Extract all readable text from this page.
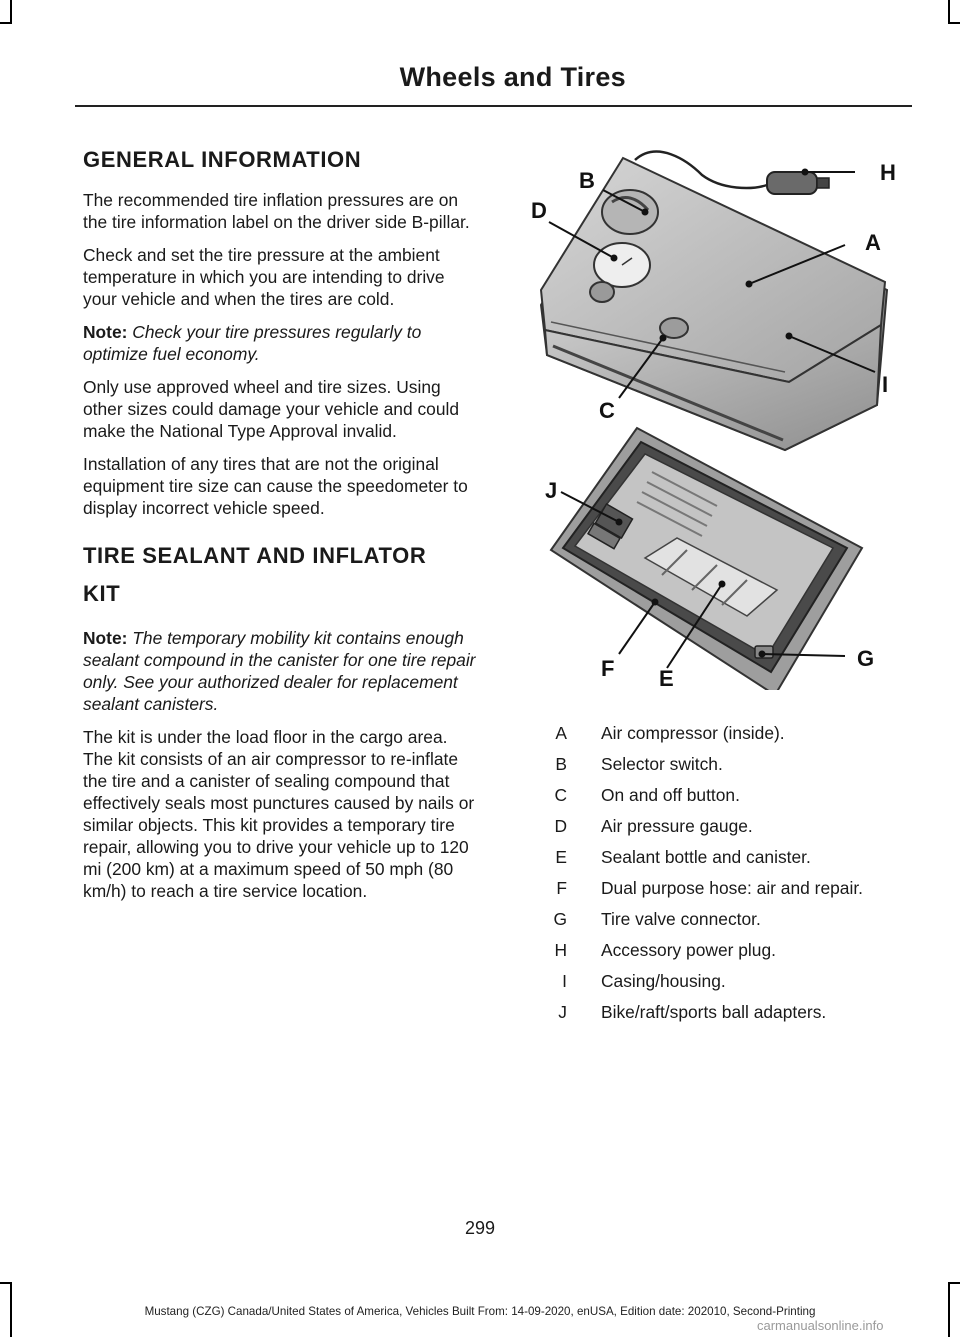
Wheels and Tires
GENERAL INFORMATION

The recommended tire inflation pressures are on the tire information label on the driver side B-pillar.

Check and set the tire pressure at the ambient temperature in which you are intending to drive your vehicle and when the tires are cold.

Note: Check your tire pressures regularly to optimize fuel economy.

Only use approved wheel and tire sizes. Using other sizes could damage your vehicle and could make the National Type Approval invalid.

Installation of any tires that are not the original equipment tire size can cause the speedometer to display incorrect vehicle speed.

TIRE SEALANT AND INFLATOR
KIT

Note: The temporary mobility kit contains enough sealant compound in the canister for one tire repair only. See your authorized dealer for replacement sealant canisters.

The kit is under the load floor in the cargo area. The kit consists of an air compressor to re-inflate the tire and a canister of sealing compound that effectively seals most punctures caused by nails or similar objects. This kit provides a temporary tire repair, allowing you to drive your vehicle up to 120 mi (200 km) at a maximum speed of 50 mph (80 km/h) to reach a tire service location.

A
B
C
D
E
F	G
H
I
J
A Air compressor (inside).
B Selector switch.
C On and off button.
D Air pressure gauge.
E Sealant bottle and canister.
F Dual purpose hose: air and repair.
G Tire valve connector.
H Accessory power plug.
I Casing/housing.
J Bike/raft/sports ball adapters.
299
Mustang (CZG) Canada/United States of America, Vehicles Built From: 14-09-2020, enUSA, Edition date: 202010, Second-Printing
carmanualsonline.info
